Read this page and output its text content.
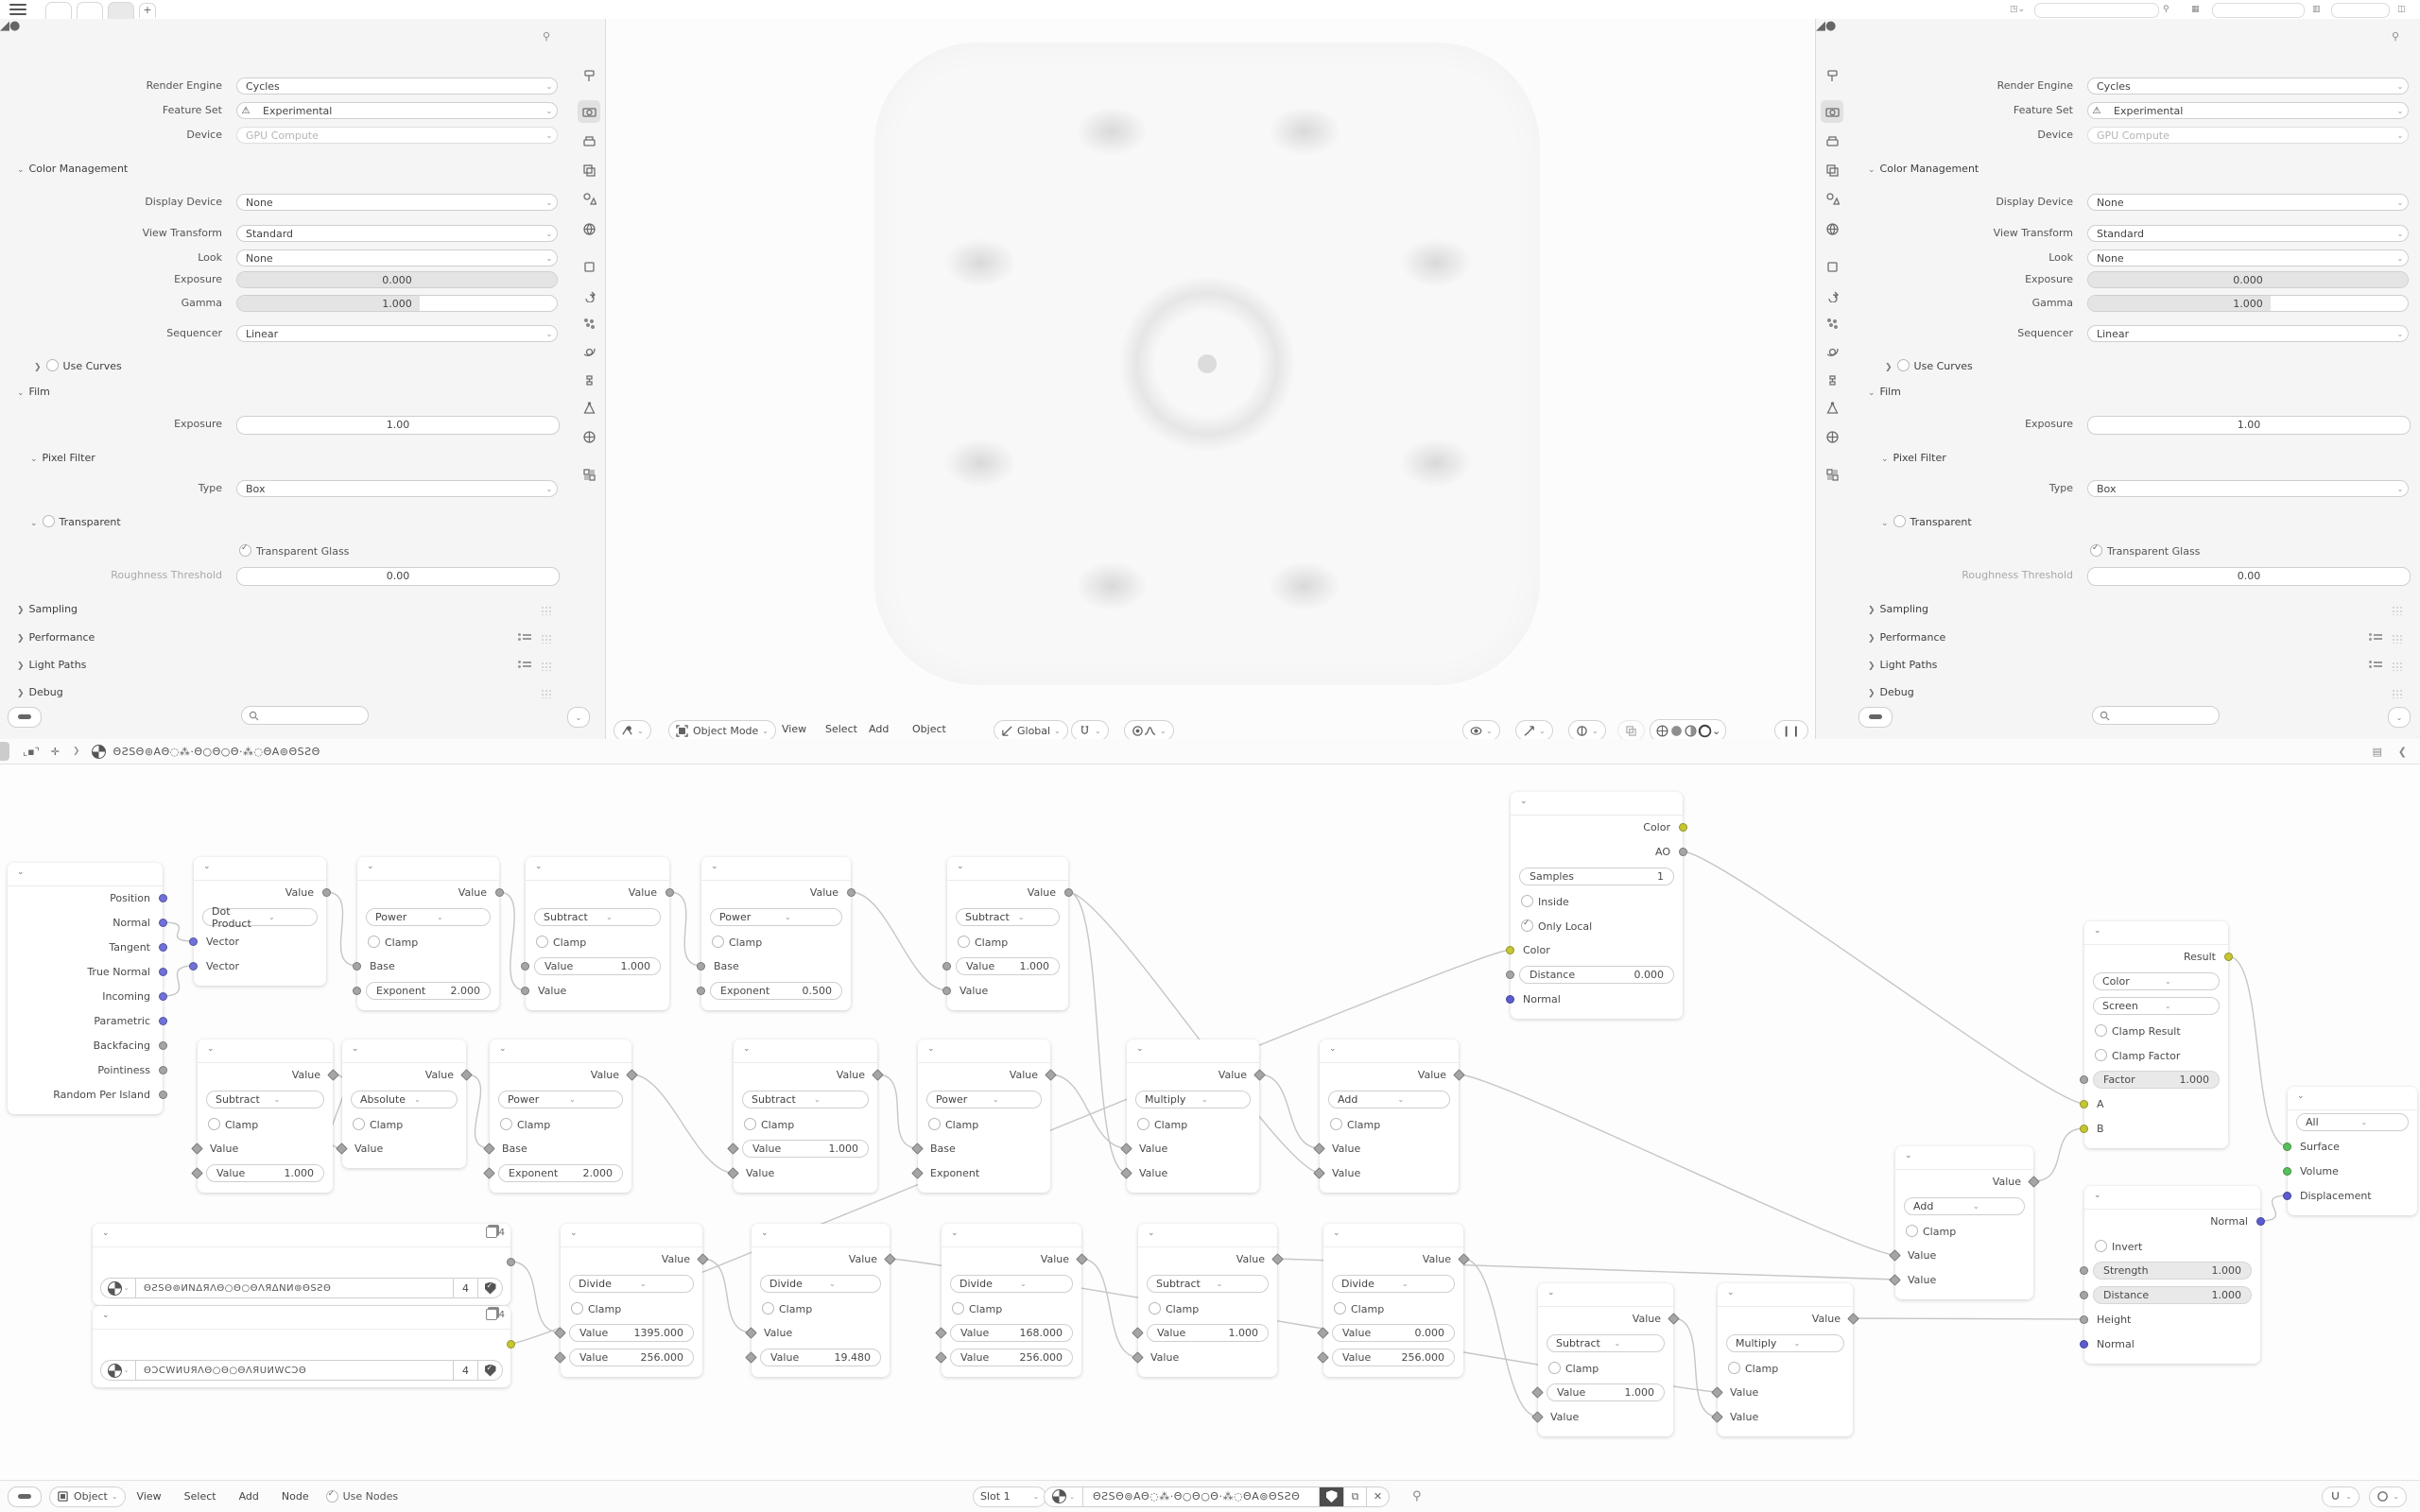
+	◳⌄	⚲	▦	▥	◫
◢●
⚲
Render Engine	Cycles	⌄
Feature Set	⚠	Experimental	⌄
Device	GPU Compute	⌄
⌄ Color Management
Display Device	None	⌄
View Transform	Standard	⌄
Look	None	⌄
Exposure	0.000
Gamma	1.000
Sequencer	Linear	⌄
❯ Use Curves
⌄ Film
Exposure	1.00
⌄ Pixel Filter
Type	Box	⌄
⌄ Transparent
✓Transparent Glass
Roughness Threshold	0.00
❯ Sampling
❯ Performance
❯ Light Paths
❯ Debug
⌄
◢●
⚲
Render Engine	Cycles	⌄
Feature Set	⚠	Experimental	⌄
Device	GPU Compute	⌄
⌄ Color Management
Display Device	None	⌄
View Transform	Standard	⌄
Look	None	⌄
Exposure	0.000
Gamma	1.000
Sequencer	Linear	⌄
❯ Use Curves
⌄ Film
Exposure	1.00
⌄ Pixel Filter
Type	Box	⌄
⌄ Transparent
✓Transparent Glass
Roughness Threshold	0.00
❯ Sampling
❯ Performance
❯ Light Paths
❯ Debug
⌄
⌄	Object Mode ⌄ View Select Add Object	Global ⌄	⌄	⌄	⌄	⌄	⌄	⌄	❙❙
⌞▪⌝ ✛ ❯	ΘƧSΘ⊚AΘ◌⁂·Θ○Θ○Θ·⁂◌ΘA⊚ΘSƧΘ	▤ ❮
⌄
Position
Normal
Tangent
True Normal
Incoming
Parametric
Backfacing
Pointiness
Random Per Island
⌄
Value
Dot Product	⌄
Vector
Vector
⌄
Value
Power	⌄
Clamp
Base
Exponent	2.000
⌄
Value
Subtract	⌄
Clamp
Value	1.000
Value
⌄
Value
Power	⌄
Clamp
Base
Exponent	0.500
⌄
Value
Subtract	⌄
Clamp
Value	1.000
Value
⌄
Color
AO
Samples	1
Inside
✓Only Local
Color
Distance	0.000
Normal
⌄
Value
Subtract	⌄
Clamp
Value
Value	1.000
⌄
Value
Absolute	⌄
Clamp
Value
⌄
Value
Power	⌄
Clamp
Base
Exponent	2.000
⌄
Value
Subtract	⌄
Clamp
Value	1.000
Value
⌄
Value
Power	⌄
Clamp
Base
Exponent
⌄
Value
Multiply	⌄
Clamp
Value
Value
⌄
Value
Add	⌄
Clamp
Value
Value
⌄	4
⌄	ΘƧSΘ⊚ИΝΔЯΛΘ○Θ○ΘΛЯΔΝИ⊚ΘSƧΘ	4
✓
⌄	4
⌄	ΘƆCWИUЯΛΘ○Θ○ΘΛЯUИWCƆΘ	4
✓
⌄
Value
Divide	⌄
Clamp
Value	1395.000
Value	256.000
⌄
Value
Divide	⌄
Clamp
Value
Value	19.480
⌄
Value
Divide	⌄
Clamp
Value	168.000
Value	256.000
⌄
Value
Subtract	⌄
Clamp
Value	1.000
Value
⌄
Value
Divide	⌄
Clamp
Value	0.000
Value	256.000
⌄
Value
Subtract	⌄
Clamp
Value	1.000
Value
⌄
Value
Multiply	⌄
Clamp
Value
Value
⌄
Value
Add	⌄
Clamp
Value
Value
⌄
Result
Color	⌄
Screen	⌄
Clamp Result
Clamp Factor
Factor	1.000
A
B
⌄
Normal
Invert
Strength	1.000
Distance	1.000
Height
Normal
⌄
All	⌄
Surface
Volume
Displacement
Object ⌄	View	Select	Add	Node ✓	Use Nodes	Slot 1	⌄	⌄	ΘƧSΘ⊚AΘ◌⁂·Θ○Θ○Θ·⁂◌ΘA⊚ΘSƧΘ ✓	⧉	✕	⚲	⌄	⌄
